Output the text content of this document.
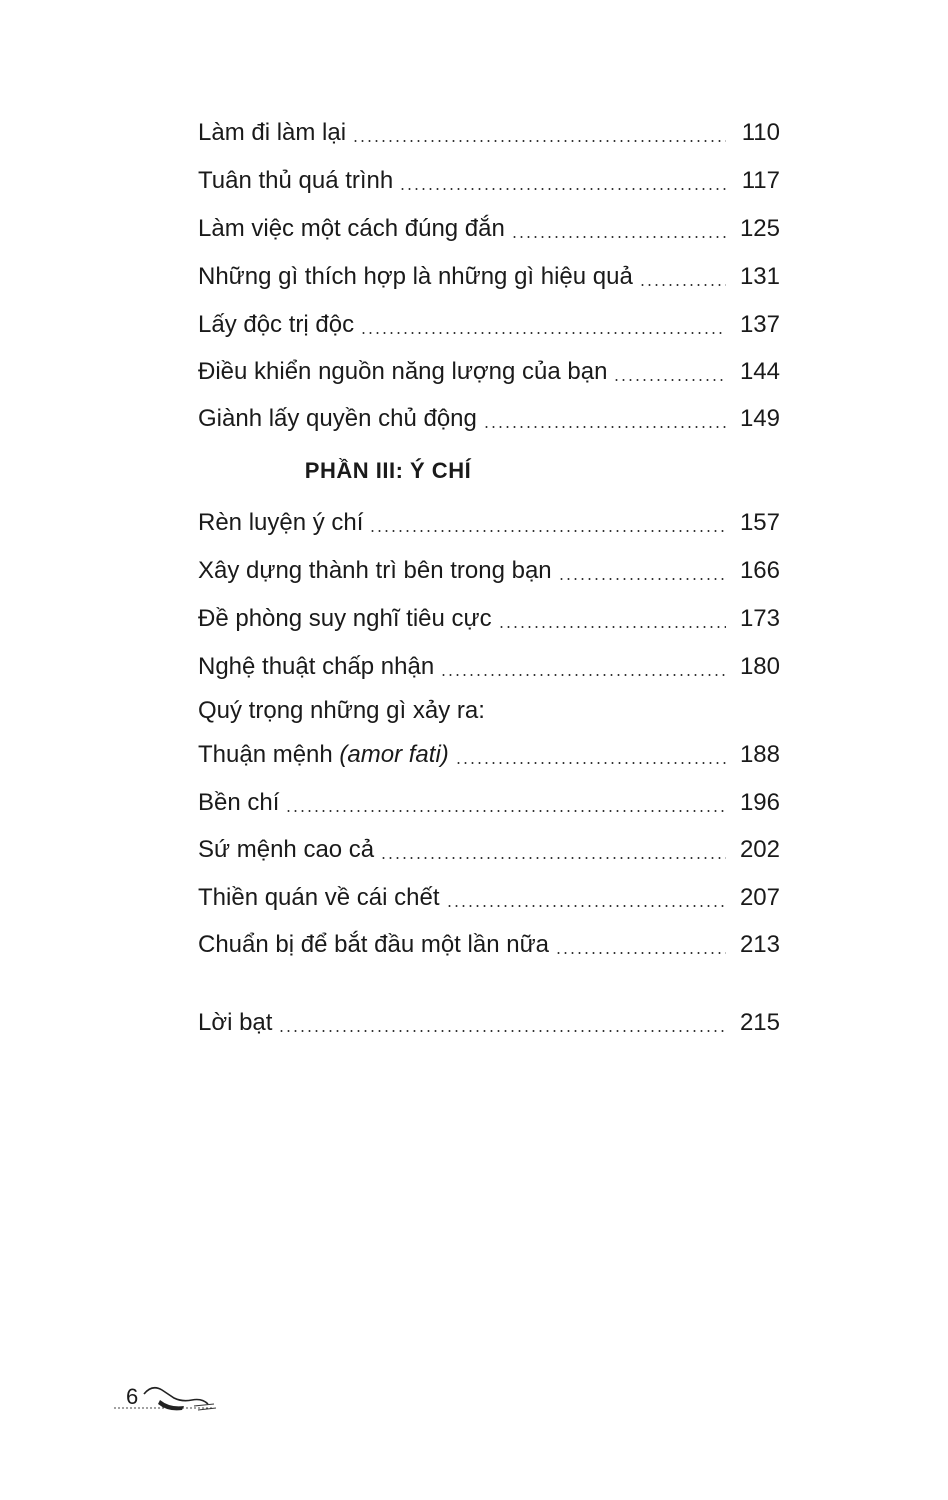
Làm đi làm lại	110
Tuân thủ quá trình	117
Làm việc một cách đúng đắn	125
Những gì thích hợp là những gì hiệu quả	131
Lấy độc trị độc	137
Điều khiển nguồn năng lượng của bạn	144
Giành lấy quyền chủ động	149
PHẦN III: Ý CHÍ
Rèn luyện ý chí	157
Xây dựng thành trì bên trong bạn	166
Đề phòng suy nghĩ tiêu cực	173
Nghệ thuật chấp nhận	180
Quý trọng những gì xảy ra:
Thuận mệnh (amor fati)	188
Bền chí	196
Sứ mệnh cao cả	202
Thiền quán về cái chết	207
Chuẩn bị để bắt đầu một lần nữa	213
Lời bạt	215
6
